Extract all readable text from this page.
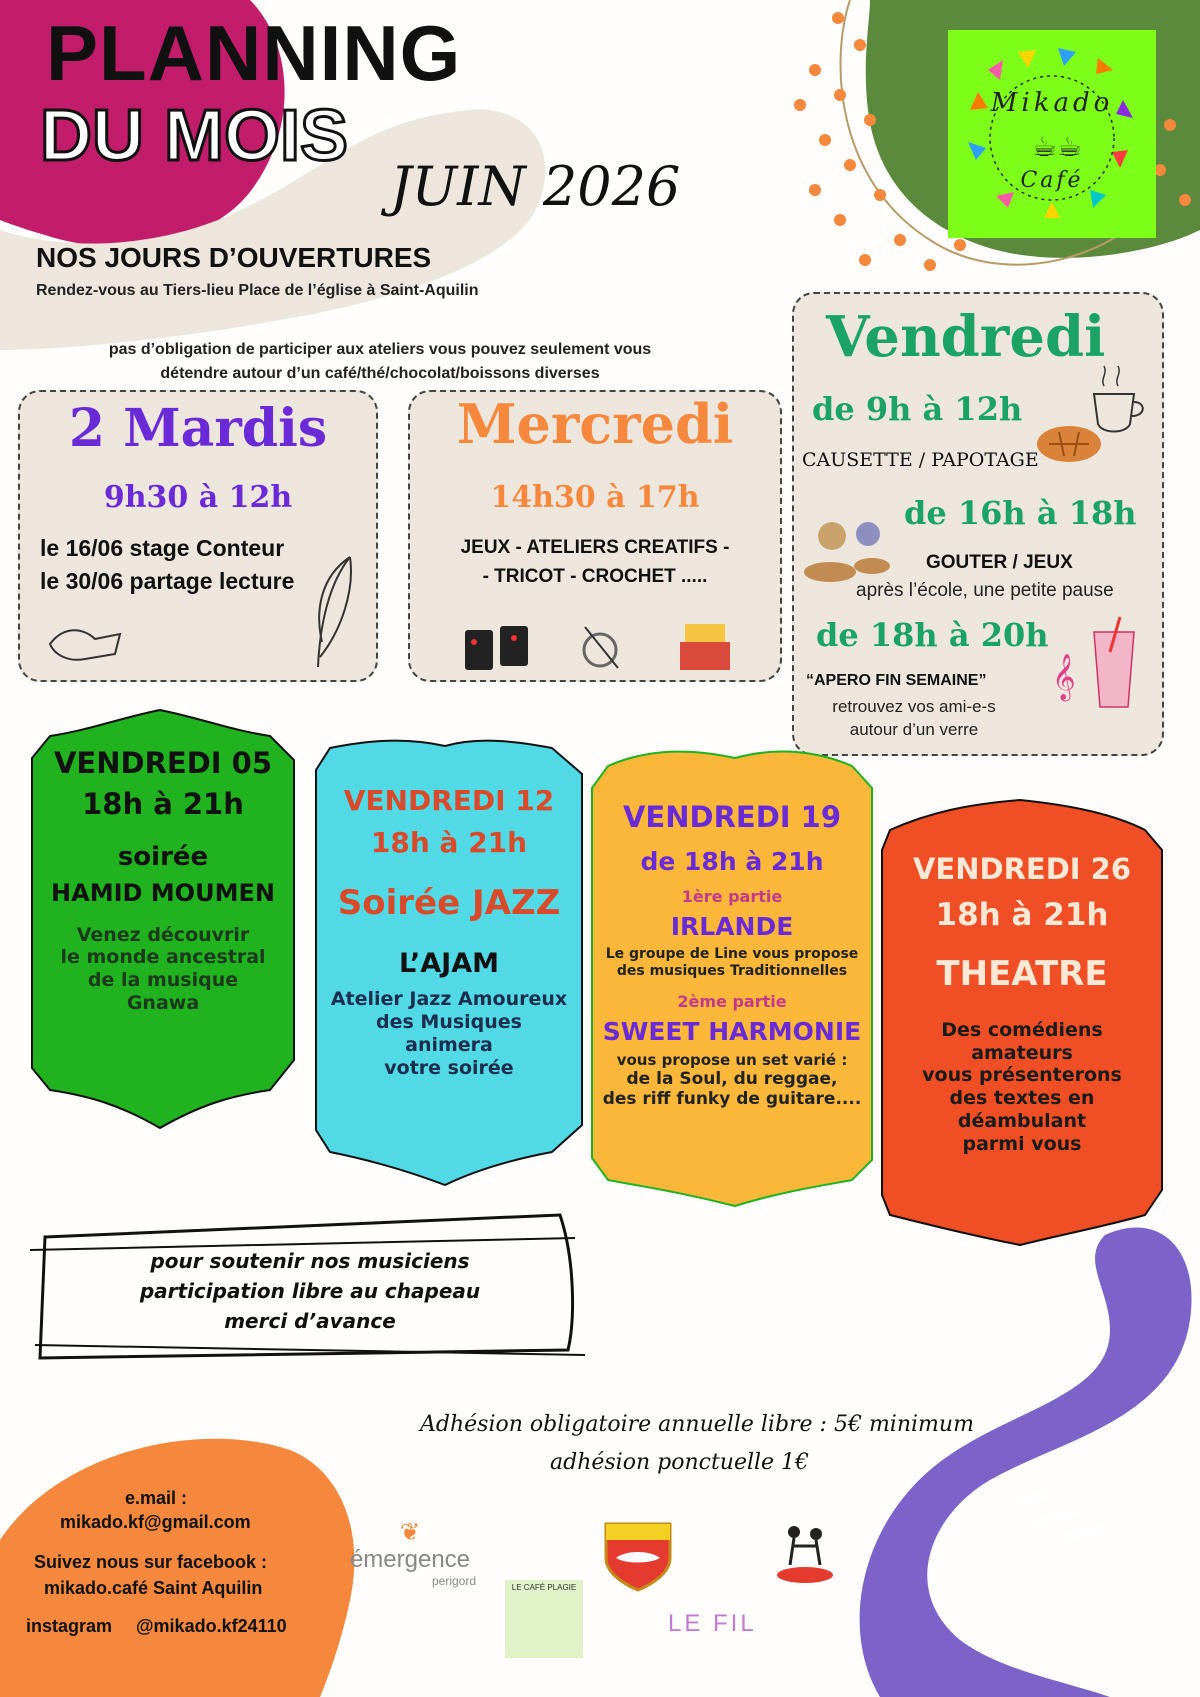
PLANNING
DU MOIS
JUIN 2026
NOS JOURS D’OUVERTURES
Rendez-vous au Tiers-lieu Place de l’église à Saint-Aquilin
pas d’obligation de participer aux ateliers vous pouvez seulement vous
détendre autour d’un café/thé/chocolat/boissons diverses
Mikado
☕☕
Café
2 Mardis
9h30 à 12h
le 16/06 stage Conteur
le 30/06 partage lecture
Mercredi
14h30 à 17h
JEUX - ATELIERS CREATIFS -
- TRICOT - CROCHET .....
Vendredi
de 9h à 12h
CAUSETTE / PAPOTAGE
de 16h à 18h
GOUTER / JEUX
après l’école, une petite pause
de 18h à 20h
“APERO FIN SEMAINE”
retrouvez vos ami-e-s
autour d’un verre
𝄞
VENDREDI 05
18h à 21h
soirée
HAMID MOUMEN
Venez découvrir
le monde ancestral
de la musique
Gnawa
VENDREDI 12
18h à 21h
Soirée JAZZ
L’AJAM
Atelier Jazz Amoureux
des Musiques
animera
votre soirée
VENDREDI 19
de 18h à 21h
1ère partie
IRLANDE
Le groupe de Line vous propose
des musiques Traditionnelles
2ème partie
SWEET HARMONIE
vous propose un set varié :
de la Soul, du reggae,
des riff funky de guitare....
VENDREDI 26
18h à 21h
THEATRE
Des comédiens
amateurs
vous présenterons
des textes en
déambulant
parmi vous
pour soutenir nos musiciens
participation libre au chapeau
merci d’avance
Adhésion obligatoire annuelle libre : 5€ minimum
adhésion ponctuelle 1€
e.mail :
mikado.kf@gmail.com
Suivez nous sur facebook :
mikado.café Saint Aquilin
instagram @mikado.kf24110
❦
émergence
perigord	LE CAFÉ PLAGIE
LE FIL
